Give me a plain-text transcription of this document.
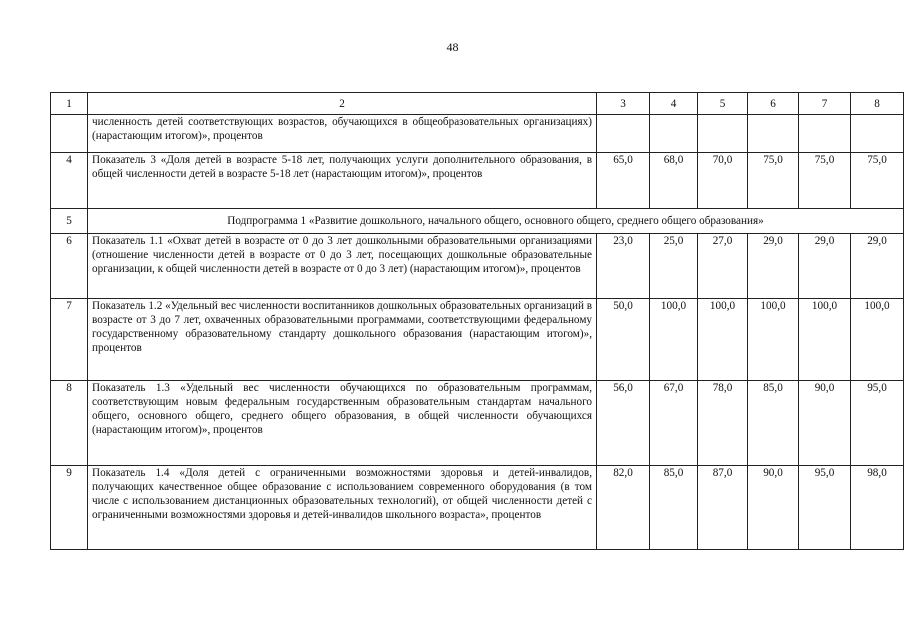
48
1	2	3	4	5	6	7	8
	численность детей соответствующих возрастов, обучающихся в общеобразовательных организациях) (нарастающим итогом)», процентов						
4	Показатель 3 «Доля детей в возрасте 5-18 лет, получающих услуги дополнительного образования, в общей численности детей в возрасте 5-18 лет (нарастающим итогом)», процентов	65,0	68,0	70,0	75,0	75,0	75,0
5	Подпрограмма 1 «Развитие дошкольного, начального общего, основного общего, среднего общего образования»						
6	Показатель 1.1 «Охват детей в возрасте от 0 до 3 лет дошкольными образовательными организациями (отношение численности детей в возрасте от 0 до 3 лет, посещающих дошкольные образовательные организации, к общей численности детей в возрасте от 0 до 3 лет) (нарастающим итогом)», процентов	23,0	25,0	27,0	29,0	29,0	29,0
7	Показатель 1.2 «Удельный вес численности воспитанников дошкольных образовательных организаций в возрасте от 3 до 7 лет, охваченных образовательными программами, соответствующими федеральному государственному образовательному стандарту дошкольного образования (нарастающим итогом)», процентов	50,0	100,0	100,0	100,0	100,0	100,0
8	Показатель 1.3 «Удельный вес численности обучающихся по образовательным программам, соответствующим новым федеральным государственным образовательным стандартам начального общего, основного общего, среднего общего образования, в общей численности обучающихся (нарастающим итогом)», процентов	56,0	67,0	78,0	85,0	90,0	95,0
9	Показатель 1.4 «Доля детей с ограниченными возможностями здоровья и детей-инвалидов, получающих качественное общее образование с использованием современного оборудования (в том числе с использованием дистанционных образовательных технологий), от общей численности детей с ограниченными возможностями здоровья и детей-инвалидов школьного возраста», процентов	82,0	85,0	87,0	90,0	95,0	98,0
